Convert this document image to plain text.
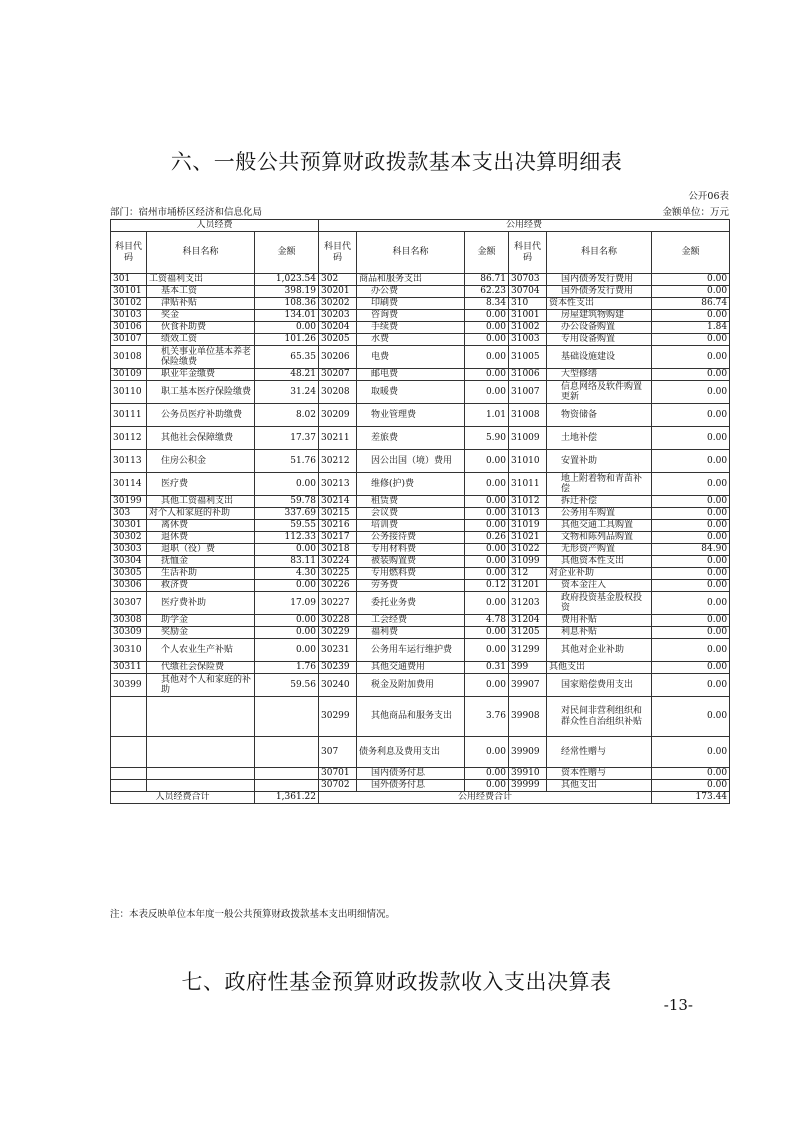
六、一般公共预算财政拨款基本支出决算明细表
公开06表
部门：宿州市埇桥区经济和信息化局	金额单位：万元
人员经费			公用经费					
科目代码	科目名称	金额	科目代码	科目名称	金额	科目代码	科目名称	金额
301	工资福利支出	1,023.54	302	商品和服务支出	86.71	30703	国内债务发行费用	0.00
30101	基本工资	398.19	30201	办公费	62.23	30704	国外债务发行费用	0.00
30102	津贴补贴	108.36	30202	印刷费	8.34	310	资本性支出	86.74
30103	奖金	134.01	30203	咨询费	0.00	31001	房屋建筑物购建	0.00
30106	伙食补助费	0.00	30204	手续费	0.00	31002	办公设备购置	1.84
30107	绩效工资	101.26	30205	水费	0.00	31003	专用设备购置	0.00
30108	机关事业单位基本养老保险缴费	65.35	30206	电费	0.00	31005	基础设施建设	0.00
30109	职业年金缴费	48.21	30207	邮电费	0.00	31006	大型修缮	0.00
30110	职工基本医疗保险缴费	31.24	30208	取暖费	0.00	31007	信息网络及软件购置更新	0.00
30111	公务员医疗补助缴费	8.02	30209	物业管理费	1.01	31008	物资储备	0.00
30112	其他社会保障缴费	17.37	30211	差旅费	5.90	31009	土地补偿	0.00
30113	住房公积金	51.76	30212	因公出国（境）费用	0.00	31010	安置补助	0.00
30114	医疗费	0.00	30213	维修(护)费	0.00	31011	地上附着物和青苗补偿	0.00
30199	其他工资福利支出	59.78	30214	租赁费	0.00	31012	拆迁补偿	0.00
303	对个人和家庭的补助	337.69	30215	会议费	0.00	31013	公务用车购置	0.00
30301	离休费	59.55	30216	培训费	0.00	31019	其他交通工具购置	0.00
30302	退休费	112.33	30217	公务接待费	0.26	31021	文物和陈列品购置	0.00
30303	退职（役）费	0.00	30218	专用材料费	0.00	31022	无形资产购置	84.90
30304	抚恤金	83.11	30224	被装购置费	0.00	31099	其他资本性支出	0.00
30305	生活补助	4.30	30225	专用燃料费	0.00	312	对企业补助	0.00
30306	救济费	0.00	30226	劳务费	0.12	31201	资本金注入	0.00
30307	医疗费补助	17.09	30227	委托业务费	0.00	31203	政府投资基金股权投资	0.00
30308	助学金	0.00	30228	工会经费	4.78	31204	费用补贴	0.00
30309	奖励金	0.00	30229	福利费	0.00	31205	利息补贴	0.00
30310	个人农业生产补贴	0.00	30231	公务用车运行维护费	0.00	31299	其他对企业补助	0.00
30311	代缴社会保险费	1.76	30239	其他交通费用	0.31	399	其他支出	0.00
30399	其他对个人和家庭的补助	59.56	30240	税金及附加费用	0.00	39907	国家赔偿费用支出	0.00
			30299	其他商品和服务支出	3.76	39908	对民间非营利组织和群众性自治组织补贴	0.00
			307	债务利息及费用支出	0.00	39909	经常性赠与	0.00
			30701	国内债务付息	0.00	39910	资本性赠与	0.00
			30702	国外债务付息	0.00	39999	其他支出	0.00
人员经费合计		1,361.22	公用经费合计					173.44
注：本表反映单位本年度一般公共预算财政拨款基本支出明细情况。
七、政府性基金预算财政拨款收入支出决算表
-13-
